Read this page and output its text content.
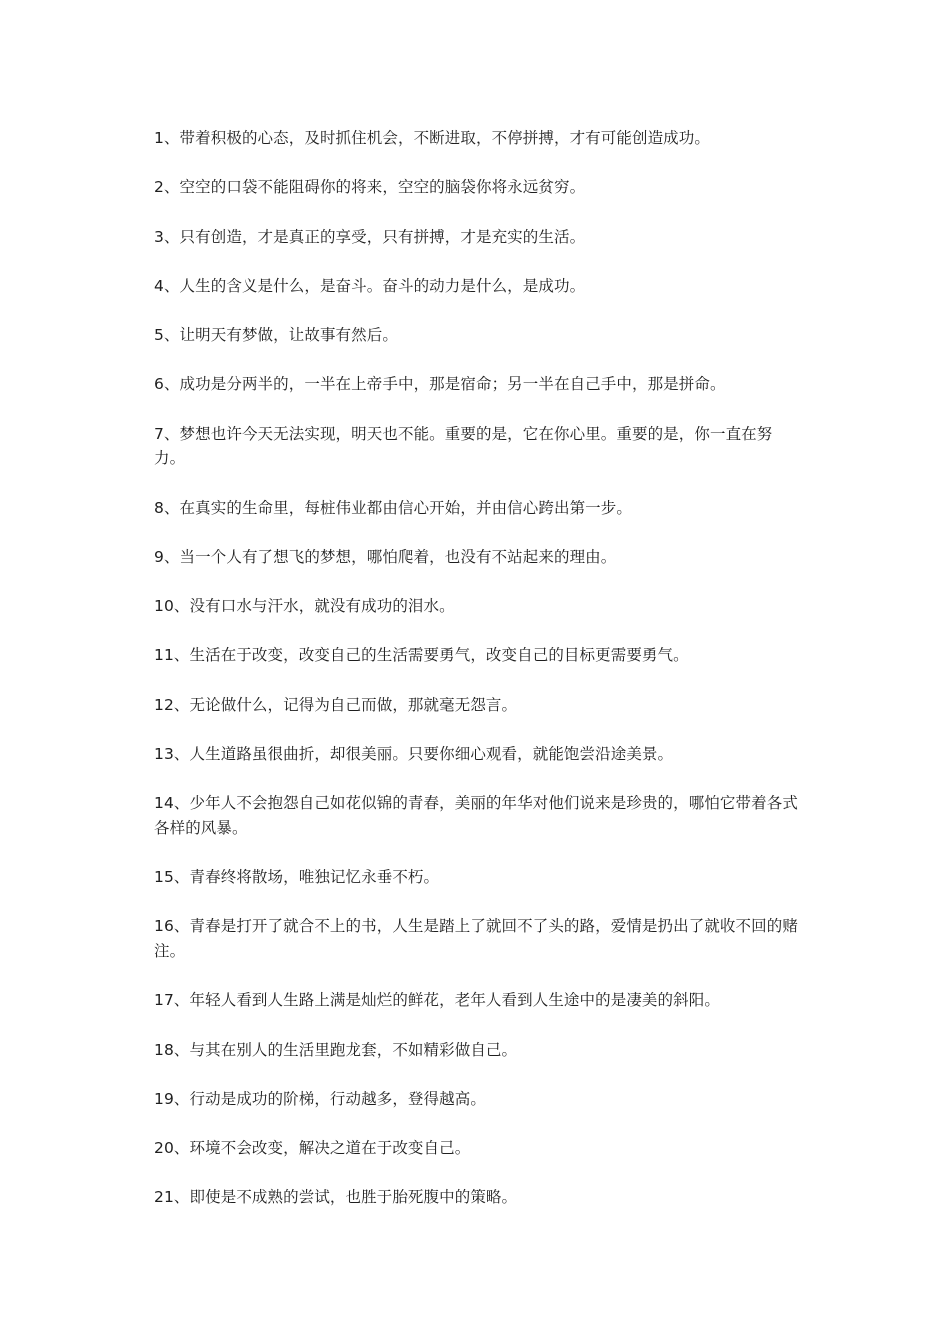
1、带着积极的心态，及时抓住机会，不断进取，不停拼搏，才有可能创造成功。
2、空空的口袋不能阻碍你的将来，空空的脑袋你将永远贫穷。
3、只有创造，才是真正的享受，只有拼搏，才是充实的生活。
4、人生的含义是什么，是奋斗。奋斗的动力是什么，是成功。
5、让明天有梦做，让故事有然后。
6、成功是分两半的，一半在上帝手中，那是宿命；另一半在自己手中，那是拼命。
7、梦想也许今天无法实现，明天也不能。重要的是，它在你心里。重要的是，你一直在努力。
8、在真实的生命里，每桩伟业都由信心开始，并由信心跨出第一步。
9、当一个人有了想飞的梦想，哪怕爬着，也没有不站起来的理由。
10、没有口水与汗水，就没有成功的泪水。
11、生活在于改变，改变自己的生活需要勇气，改变自己的目标更需要勇气。
12、无论做什么，记得为自己而做，那就毫无怨言。
13、人生道路虽很曲折，却很美丽。只要你细心观看，就能饱尝沿途美景。
14、少年人不会抱怨自己如花似锦的青春，美丽的年华对他们说来是珍贵的，哪怕它带着各式各样的风暴。
15、青春终将散场，唯独记忆永垂不朽。
16、青春是打开了就合不上的书，人生是踏上了就回不了头的路，爱情是扔出了就收不回的赌注。
17、年轻人看到人生路上满是灿烂的鲜花，老年人看到人生途中的是凄美的斜阳。
18、与其在别人的生活里跑龙套，不如精彩做自己。
19、行动是成功的阶梯，行动越多，登得越高。
20、环境不会改变，解决之道在于改变自己。
21、即使是不成熟的尝试，也胜于胎死腹中的策略。
